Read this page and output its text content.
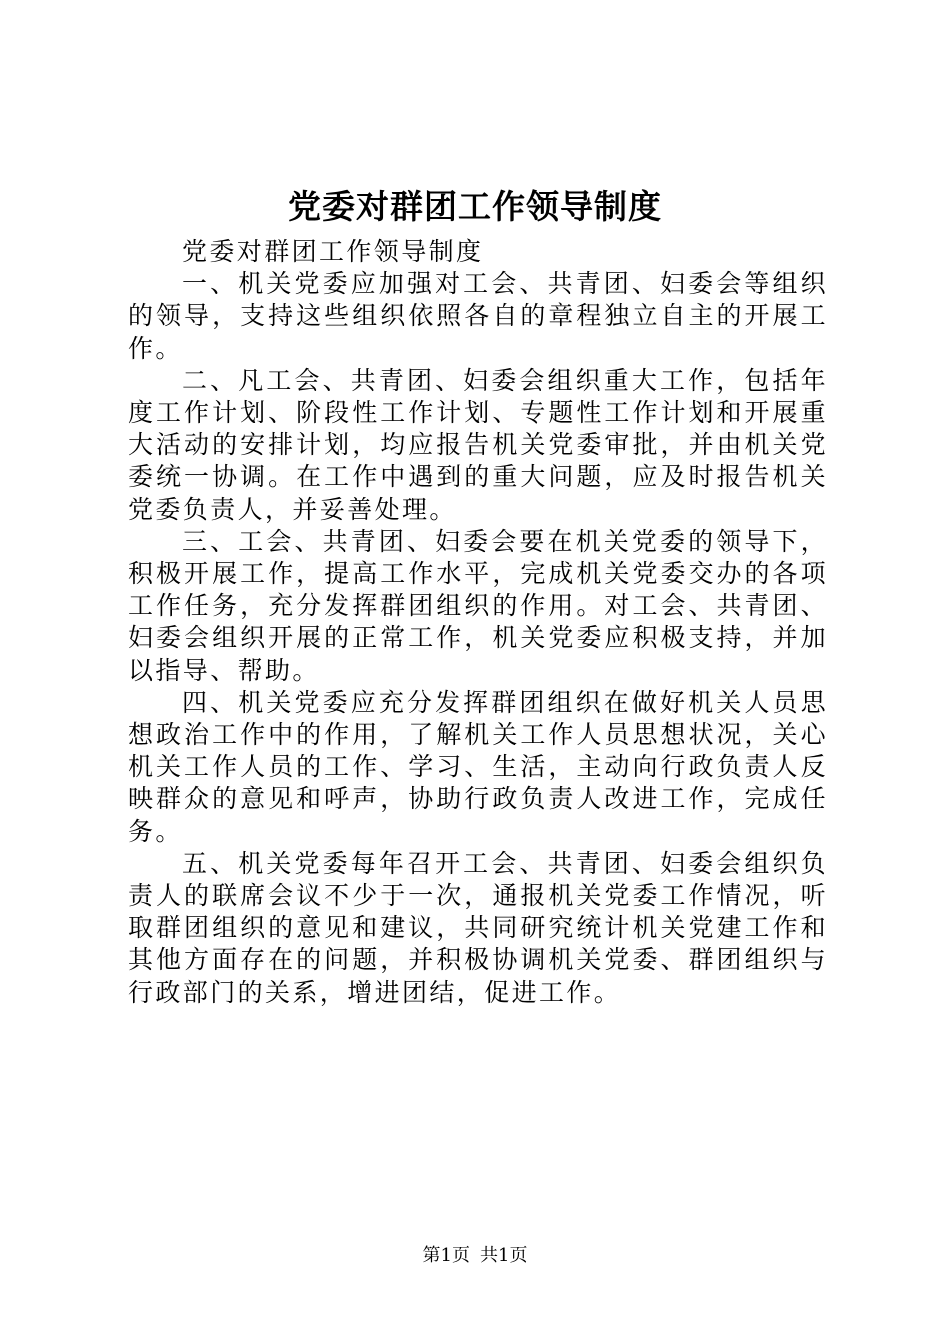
党委对群团工作领导制度

党委对群团工作领导制度

一、机关党委应加强对工会、共青团、妇委会等组织的领导，支持这些组织依照各自的章程独立自主的开展工作。

二、凡工会、共青团、妇委会组织重大工作，包括年度工作计划、阶段性工作计划、专题性工作计划和开展重大活动的安排计划，均应报告机关党委审批，并由机关党委统一协调。在工作中遇到的重大问题，应及时报告机关党委负责人，并妥善处理。

三、工会、共青团、妇委会要在机关党委的领导下，积极开展工作，提高工作水平，完成机关党委交办的各项工作任务，充分发挥群团组织的作用。对工会、共青团、妇委会组织开展的正常工作，机关党委应积极支持，并加以指导、帮助。

四、机关党委应充分发挥群团组织在做好机关人员思想政治工作中的作用，了解机关工作人员思想状况，关心机关工作人员的工作、学习、生活，主动向行政负责人反映群众的意见和呼声，协助行政负责人改进工作，完成任务。

五、机关党委每年召开工会、共青团、妇委会组织负责人的联席会议不少于一次，通报机关党委工作情况，听取群团组织的意见和建议，共同研究统计机关党建工作和其他方面存在的问题，并积极协调机关党委、群团组织与行政部门的关系，增进团结，促进工作。

第1页 共1页
